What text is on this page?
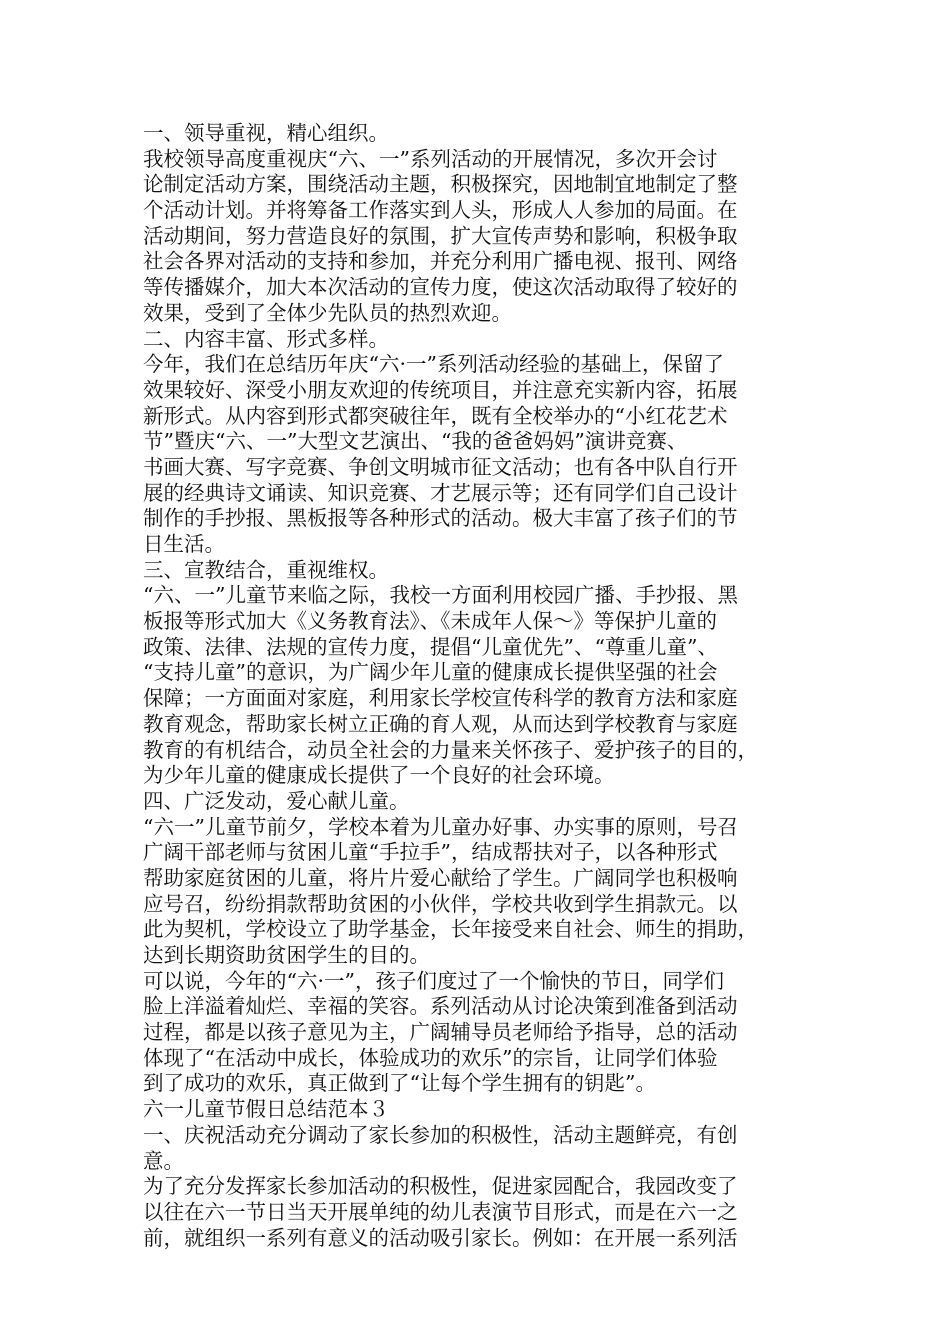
一、领导重视，精心组织。
我校领导高度重视庆“六、一”系列活动的开展情况，多次开会讨
论制定活动方案，围绕活动主题，积极探究，因地制宜地制定了整
个活动计划。并将筹备工作落实到人头，形成人人参加的局面。在
活动期间，努力营造良好的氛围，扩大宣传声势和影响，积极争取
社会各界对活动的支持和参加，并充分利用广播电视、报刊、网络
等传播媒介，加大本次活动的宣传力度，使这次活动取得了较好的
效果，受到了全体少先队员的热烈欢迎。
二、内容丰富、形式多样。
今年，我们在总结历年庆“六·一”系列活动经验的基础上，保留了
效果较好、深受小朋友欢迎的传统项目，并注意充实新内容，拓展
新形式。从内容到形式都突破往年，既有全校举办的“小红花艺术
节”暨庆“六、一”大型文艺演出、“我的爸爸妈妈”演讲竞赛、
书画大赛、写字竞赛、争创文明城市征文活动；也有各中队自行开
展的经典诗文诵读、知识竞赛、才艺展示等；还有同学们自己设计
制作的手抄报、黑板报等各种形式的活动。极大丰富了孩子们的节
日生活。
三、宣教结合，重视维权。
“六、一”儿童节来临之际，我校一方面利用校园广播、手抄报、黑
板报等形式加大《义务教育法》、《未成年人保～》等保护儿童的
政策、法律、法规的宣传力度，提倡“儿童优先”、“尊重儿童”、
“支持儿童”的意识，为广阔少年儿童的健康成长提供坚强的社会
保障；一方面面对家庭，利用家长学校宣传科学的教育方法和家庭
教育观念，帮助家长树立正确的育人观，从而达到学校教育与家庭
教育的有机结合，动员全社会的力量来关怀孩子、爱护孩子的目的，
为少年儿童的健康成长提供了一个良好的社会环境。
四、广泛发动，爱心献儿童。
“六一”儿童节前夕，学校本着为儿童办好事、办实事的原则，号召
广阔干部老师与贫困儿童“手拉手”，结成帮扶对子，以各种形式
帮助家庭贫困的儿童，将片片爱心献给了学生。广阔同学也积极响
应号召，纷纷捐款帮助贫困的小伙伴，学校共收到学生捐款元。以
此为契机，学校设立了助学基金，长年接受来自社会、师生的捐助，
达到长期资助贫困学生的目的。
可以说，今年的“六·一”，孩子们度过了一个愉快的节日，同学们
脸上洋溢着灿烂、幸福的笑容。系列活动从讨论决策到准备到活动
过程，都是以孩子意见为主，广阔辅导员老师给予指导，总的活动
体现了“在活动中成长，体验成功的欢乐”的宗旨，让同学们体验
到了成功的欢乐，真正做到了“让每个学生拥有的钥匙”。
六一儿童节假日总结范本３
一、庆祝活动充分调动了家长参加的积极性，活动主题鲜亮，有创
意。
为了充分发挥家长参加活动的积极性，促进家园配合，我园改变了
以往在六一节日当天开展单纯的幼儿表演节目形式，而是在六一之
前，就组织一系列有意义的活动吸引家长。例如：在开展一系列活
